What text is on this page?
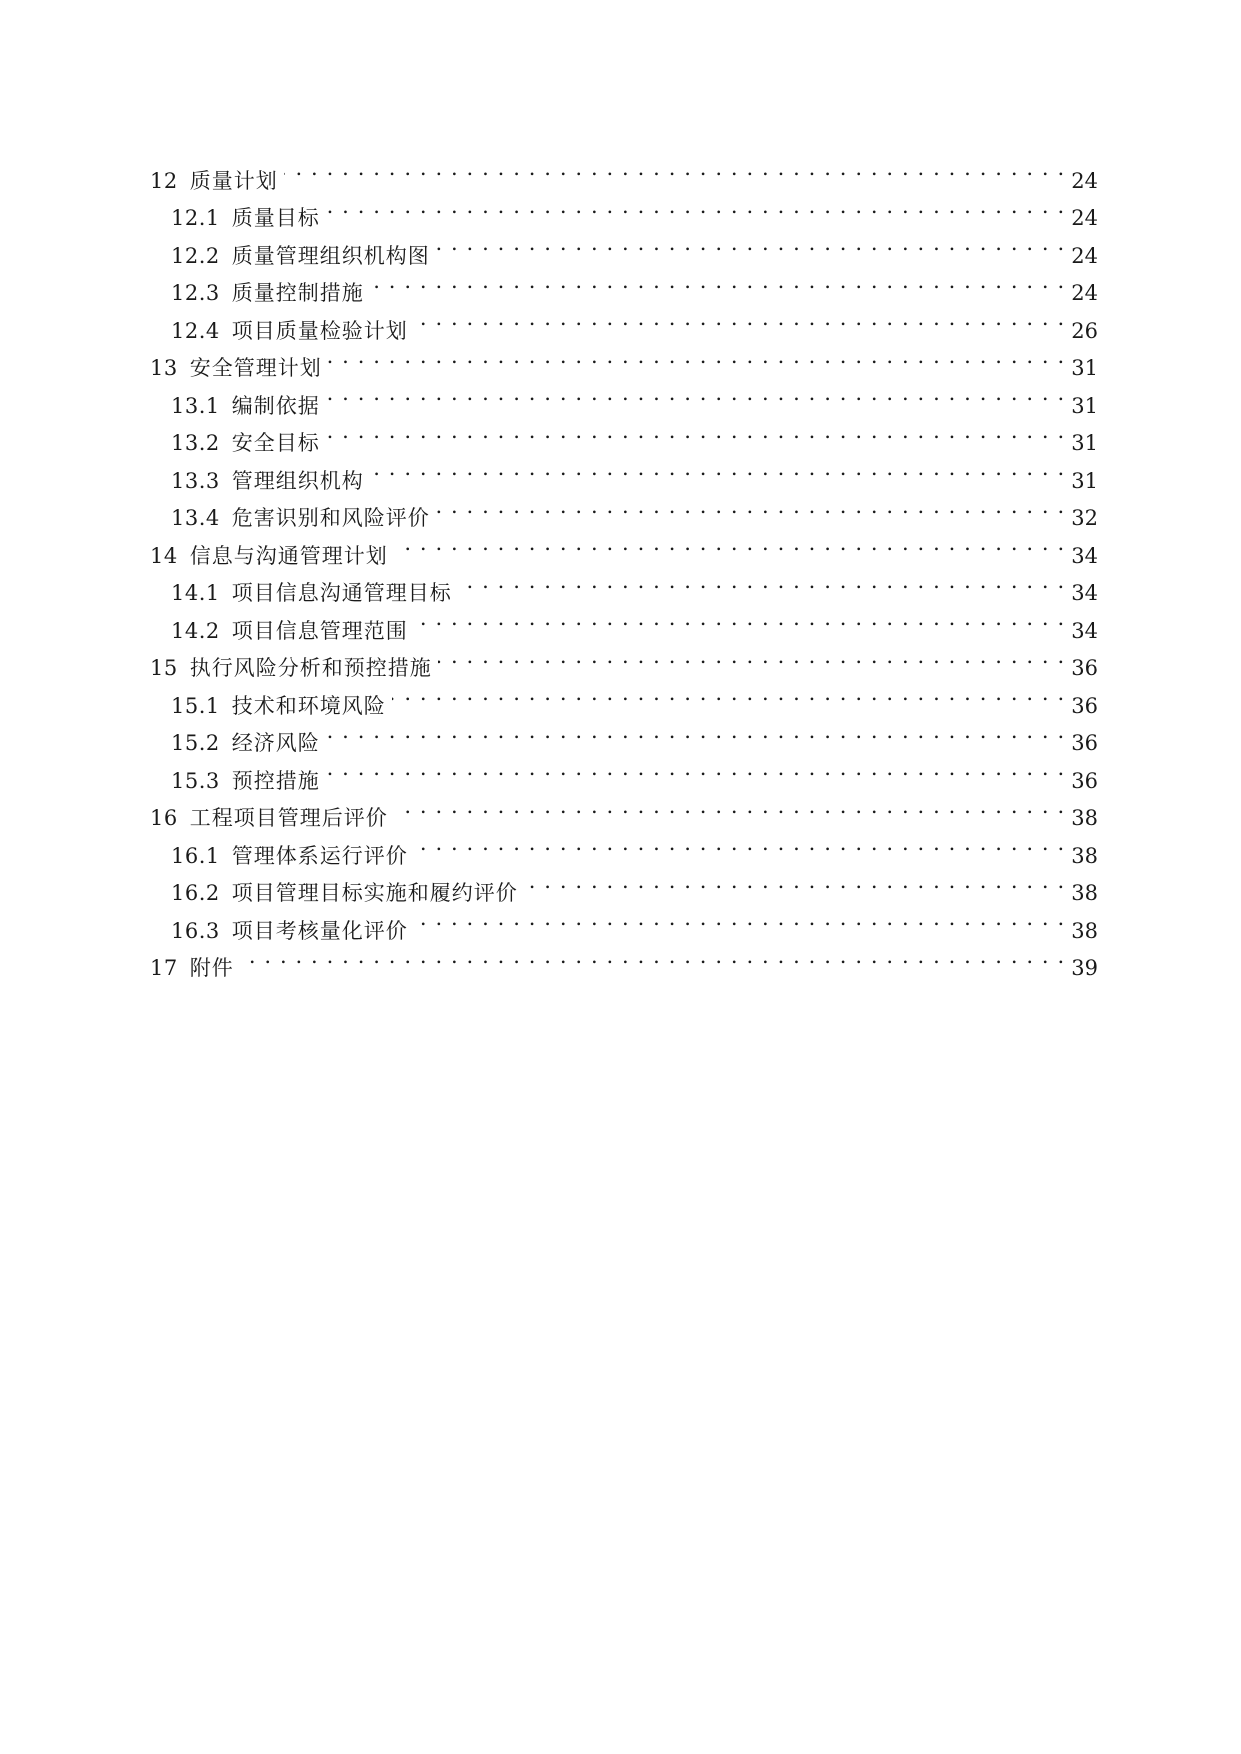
12 质量计划 . . .	24
12.1 质量目标 . . .	24
12.2 质量管理组织机构图 . . .	24
12.3 质量控制措施 . . .	24
12.4 项目质量检验计划 . . .	26
13 安全管理计划 . . .	31
13.1 编制依据 . . .	31
13.2 安全目标 . . .	31
13.3 管理组织机构 . . .	31
13.4 危害识别和风险评价 . . .	32
14 信息与沟通管理计划 . . .	34
14.1 项目信息沟通管理目标 . . .	34
14.2 项目信息管理范围 . . .	34
15 执行风险分析和预控措施 . . .	36
15.1 技术和环境风险 . . .	36
15.2 经济风险 . . .	36
15.3 预控措施 . . .	36
16 工程项目管理后评价 . . .	38
16.1 管理体系运行评价 . . .	38
16.2 项目管理目标实施和履约评价 . . .	38
16.3 项目考核量化评价 . . .	38
17 附件 . . .	39
